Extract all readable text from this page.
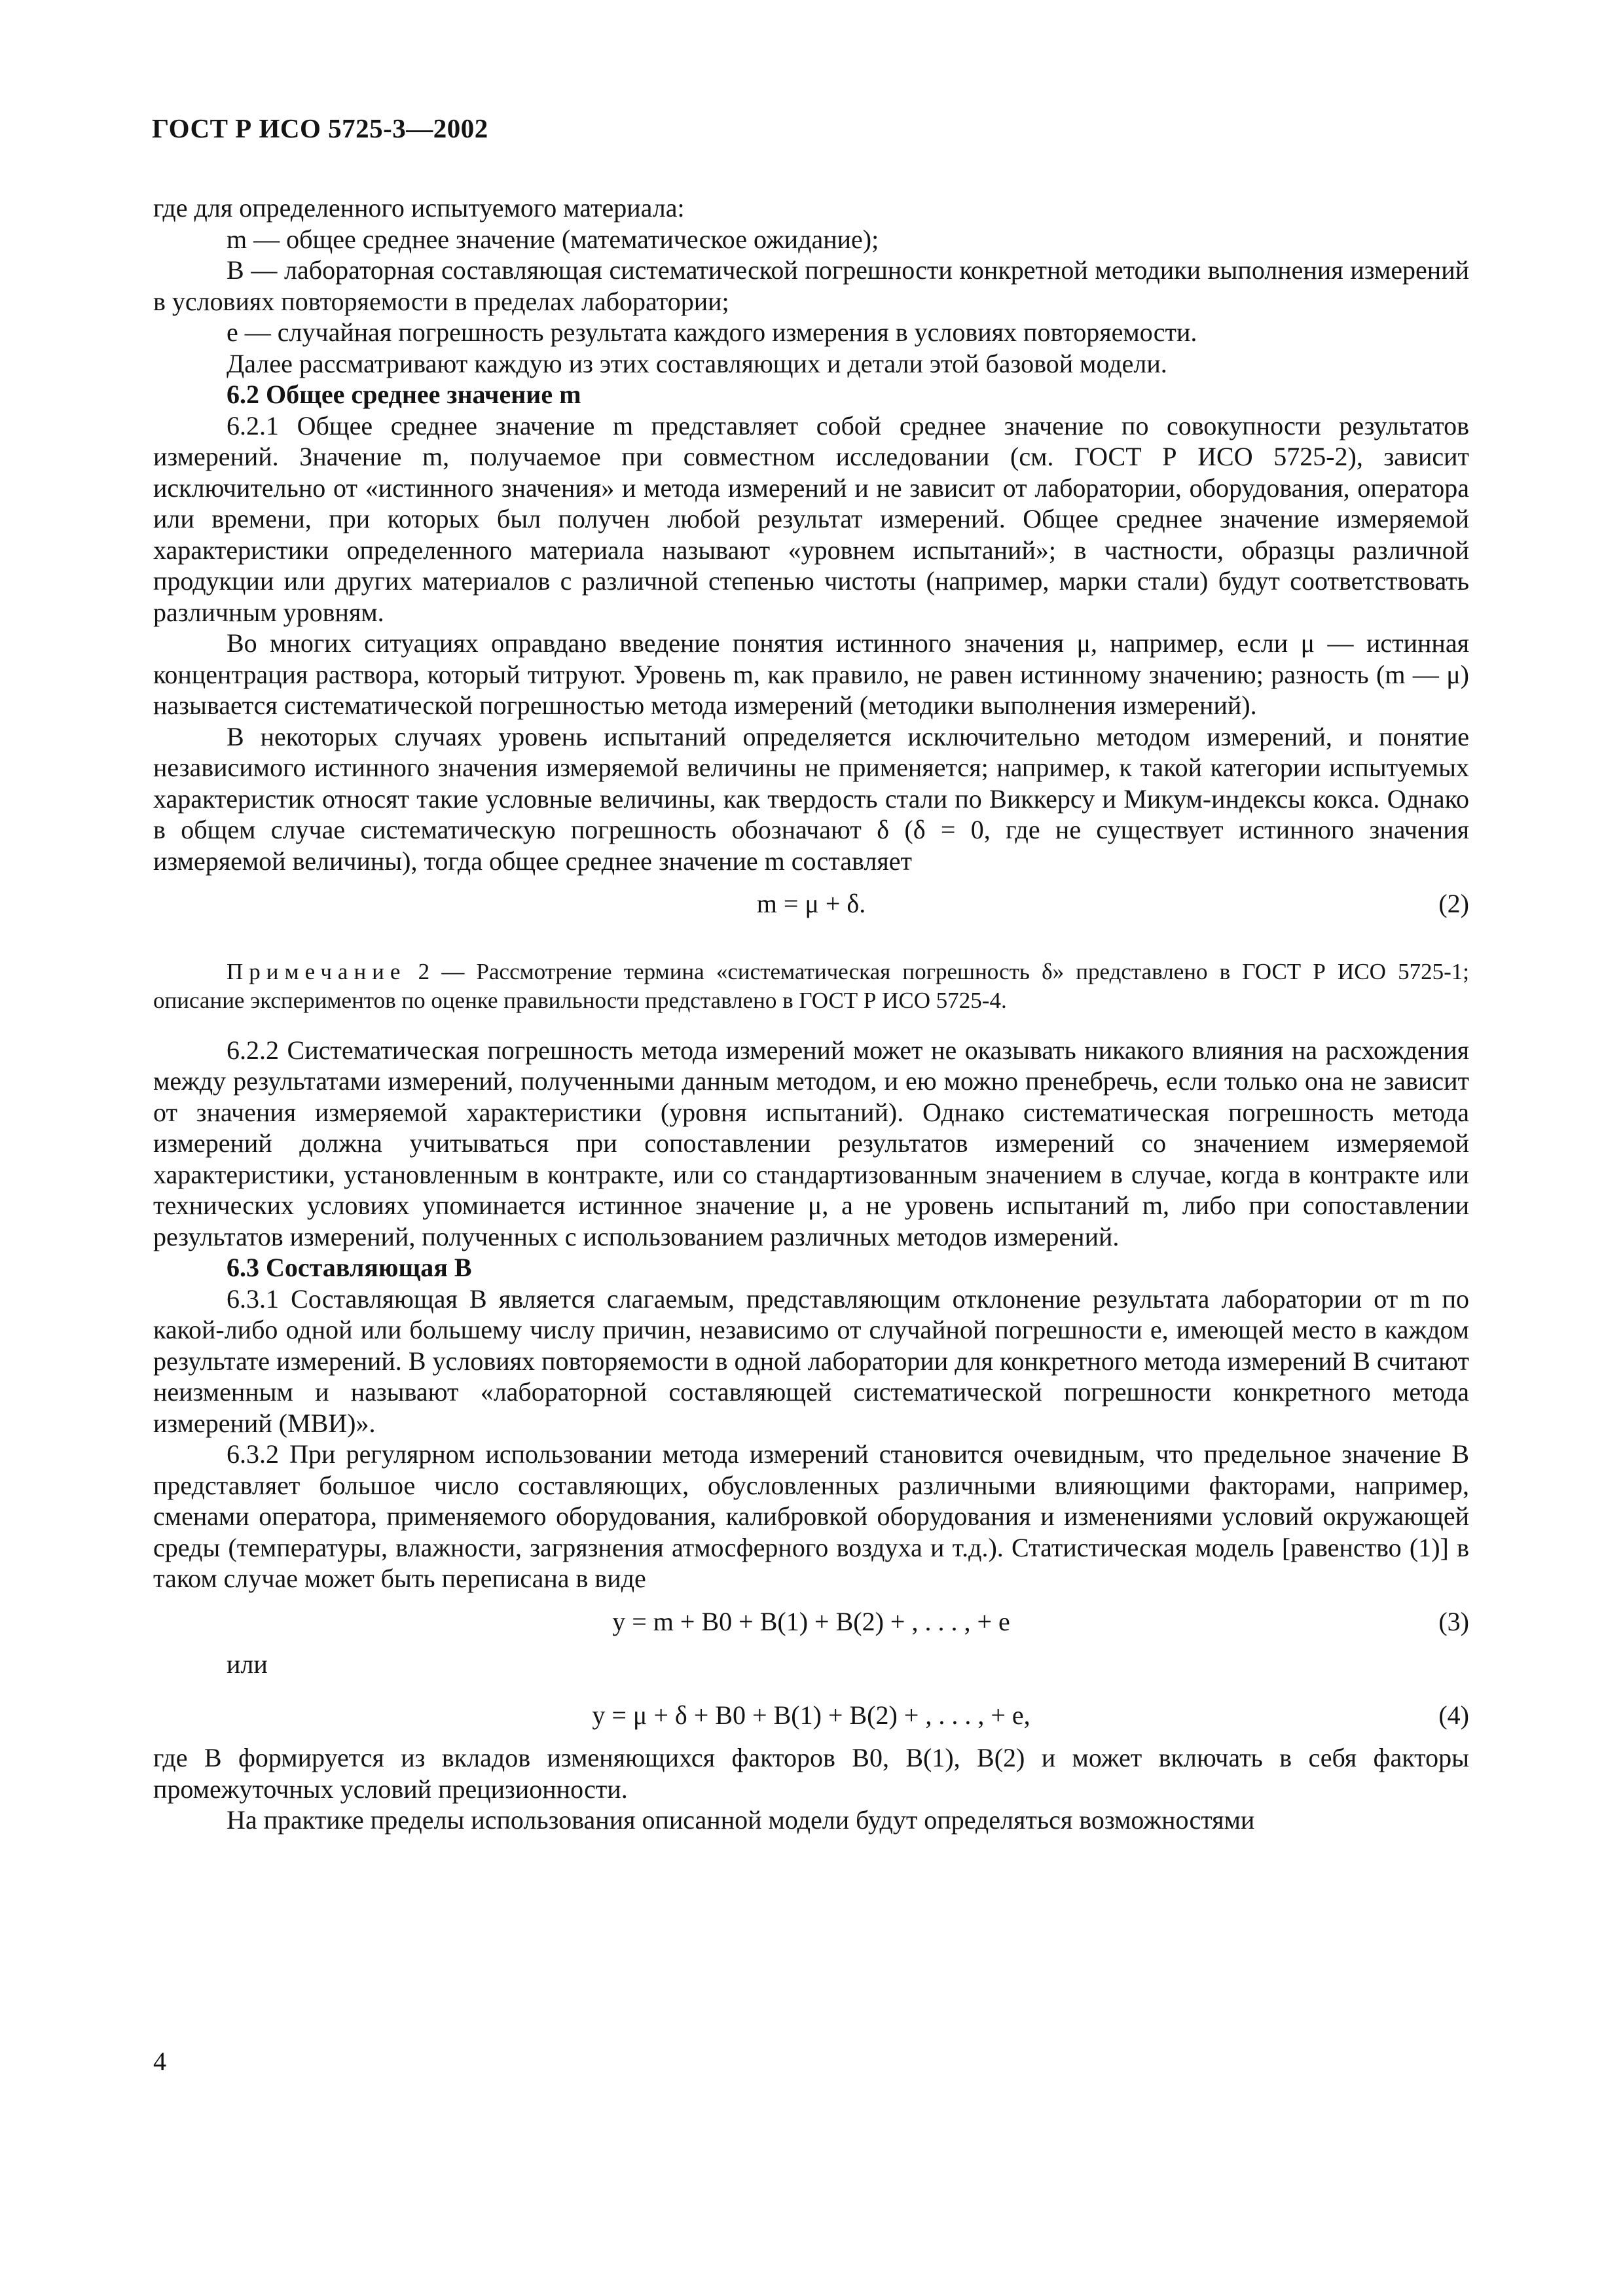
ГОСТ Р ИСО 5725-3—2002

где для определенного испытуемого материала:

m — общее среднее значение (математическое ожидание);

B — лабораторная составляющая систематической погрешности конкретной методики выполнения измерений в условиях повторяемости в пределах лаборатории;

e — случайная погрешность результата каждого измерения в условиях повторяемости.

Далее рассматривают каждую из этих составляющих и детали этой базовой модели.

6.2 Общее среднее значение m

6.2.1 Общее среднее значение m представляет собой среднее значение по совокупности результатов измерений. Значение m, получаемое при совместном исследовании (см. ГОСТ Р ИСО 5725-2), зависит исключительно от «истинного значения» и метода измерений и не зависит от лаборатории, оборудования, оператора или времени, при которых был получен любой результат измерений. Общее среднее значение измеряемой характеристики определенного материала называют «уровнем испытаний»; в частности, образцы различной продукции или других материалов с различной степенью чистоты (например, марки стали) будут соответствовать различным уровням.

Во многих ситуациях оправдано введение понятия истинного значения μ, например, если μ — истинная концентрация раствора, который титруют. Уровень m, как правило, не равен истинному значению; разность (m — μ) называется систематической погрешностью метода измерений (методики выполнения измерений).

В некоторых случаях уровень испытаний определяется исключительно методом измерений, и понятие независимого истинного значения измеряемой величины не применяется; например, к такой категории испытуемых характеристик относят такие условные величины, как твердость стали по Виккерсу и Микум-индексы кокса. Однако в общем случае систематическую погрешность обозначают δ (δ = 0, где не существует истинного значения измеряемой величины), тогда общее среднее значение m составляет

m = μ + δ.	(2)
Примечание 2 — Рассмотрение термина «систематическая погрешность δ» представлено в ГОСТ Р ИСО 5725-1; описание экспериментов по оценке правильности представлено в ГОСТ Р ИСО 5725-4.

6.2.2 Систематическая погрешность метода измерений может не оказывать никакого влияния на расхождения между результатами измерений, полученными данным методом, и ею можно пренебречь, если только она не зависит от значения измеряемой характеристики (уровня испытаний). Однако систематическая погрешность метода измерений должна учитываться при сопоставлении результатов измерений со значением измеряемой характеристики, установленным в контракте, или со стандартизованным значением в случае, когда в контракте или технических условиях упоминается истинное значение μ, а не уровень испытаний m, либо при сопоставлении результатов измерений, полученных с использованием различных методов измерений.

6.3 Составляющая B

6.3.1 Составляющая B является слагаемым, представляющим отклонение результата лаборатории от m по какой-либо одной или большему числу причин, независимо от случайной погрешности e, имеющей место в каждом результате измерений. В условиях повторяемости в одной лаборатории для конкретного метода измерений B считают неизменным и называют «лабораторной составляющей систематической погрешности конкретного метода измерений (МВИ)».

6.3.2 При регулярном использовании метода измерений становится очевидным, что предельное значение B представляет большое число составляющих, обусловленных различными влияющими факторами, например, сменами оператора, применяемого оборудования, калибровкой оборудования и изменениями условий окружающей среды (температуры, влажности, загрязнения атмосферного воздуха и т.д.). Статистическая модель [равенство (1)] в таком случае может быть переписана в виде

y = m + B0 + B(1) + B(2) + , . . . , + e	(3)

или

y = μ + δ + B0 + B(1) + B(2) + , . . . , + e,	(4)

где B формируется из вкладов изменяющихся факторов B0, B(1), B(2) и может включать в себя факторы промежуточных условий прецизионности.

На практике пределы использования описанной модели будут определяться возможностями

4
